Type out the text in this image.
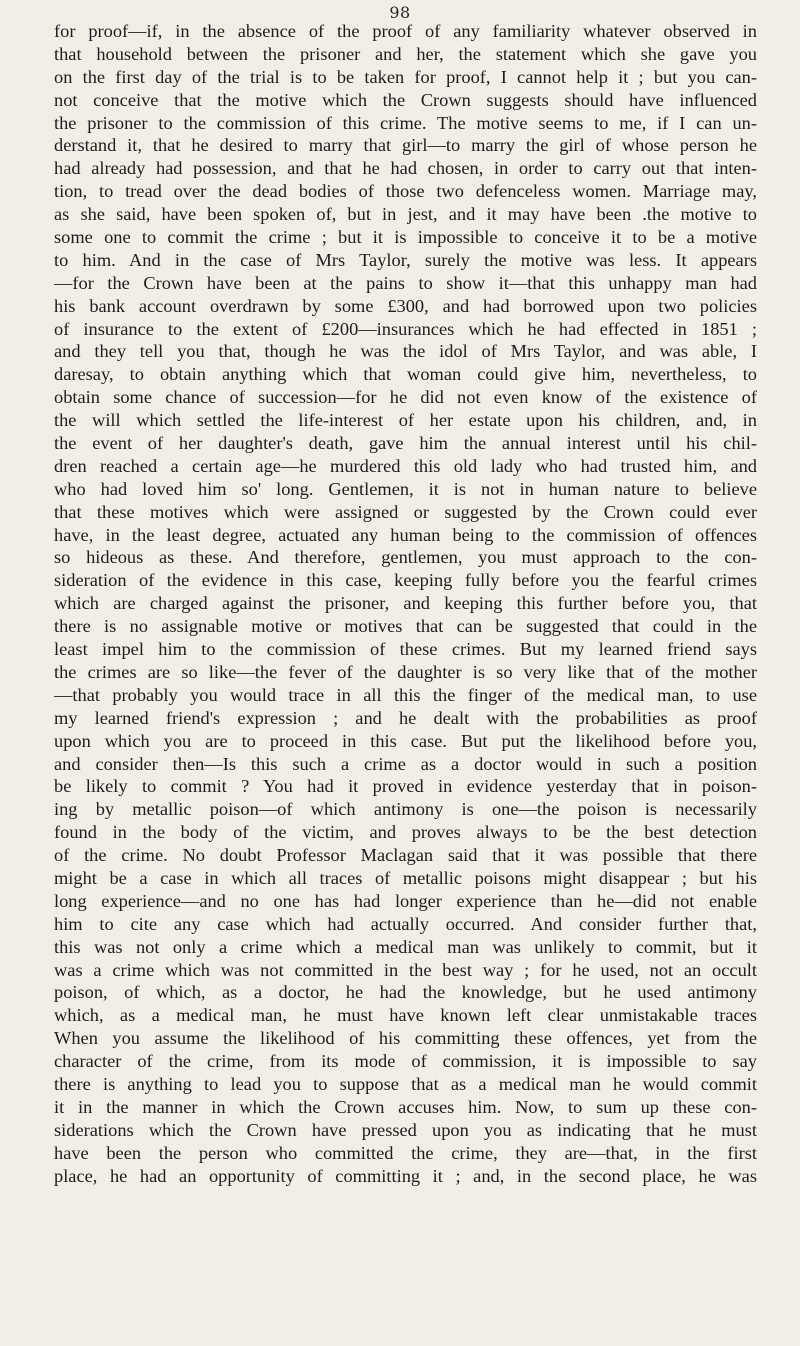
98
for proof—if, in the absence of the proof of any familiarity whatever observed in
that household between the prisoner and her, the statement which she gave you
on the first day of the trial is to be taken for proof, I cannot help it ; but you can-
not conceive that the motive which the Crown suggests should have influenced
the prisoner to the commission of this crime. The motive seems to me, if I can un-
derstand it, that he desired to marry that girl—to marry the girl of whose person he
had already had possession, and that he had chosen, in order to carry out that inten-
tion, to tread over the dead bodies of those two defenceless women. Marriage may,
as she said, have been spoken of, but in jest, and it may have been .the motive to
some one to commit the crime ; but it is impossible to conceive it to be a motive
to him. And in the case of Mrs Taylor, surely the motive was less. It appears
—for the Crown have been at the pains to show it—that this unhappy man had
his bank account overdrawn by some £300, and had borrowed upon two policies
of insurance to the extent of £200—insurances which he had effected in 1851 ;
and they tell you that, though he was the idol of Mrs Taylor, and was able, I
daresay, to obtain anything which that woman could give him, nevertheless, to
obtain some chance of succession—for he did not even know of the existence of
the will which settled the life-interest of her estate upon his children, and, in
the event of her daughter's death, gave him the annual interest until his chil-
dren reached a certain age—he murdered this old lady who had trusted him, and
who had loved him so' long. Gentlemen, it is not in human nature to believe
that these motives which were assigned or suggested by the Crown could ever
have, in the least degree, actuated any human being to the commission of offences
so hideous as these. And therefore, gentlemen, you must approach to the con-
sideration of the evidence in this case, keeping fully before you the fearful crimes
which are charged against the prisoner, and keeping this further before you, that
there is no assignable motive or motives that can be suggested that could in the
least impel him to the commission of these crimes. But my learned friend says
the crimes are so like—the fever of the daughter is so very like that of the mother
—that probably you would trace in all this the finger of the medical man, to use
my learned friend's expression ; and he dealt with the probabilities as proof
upon which you are to proceed in this case. But put the likelihood before you,
and consider then—Is this such a crime as a doctor would in such a position
be likely to commit ? You had it proved in evidence yesterday that in poison-
ing by metallic poison—of which antimony is one—the poison is necessarily
found in the body of the victim, and proves always to be the best detection
of the crime. No doubt Professor Maclagan said that it was possible that there
might be a case in which all traces of metallic poisons might disappear ; but his
long experience—and no one has had longer experience than he—did not enable
him to cite any case which had actually occurred. And consider further that,
this was not only a crime which a medical man was unlikely to commit, but it
was a crime which was not committed in the best way ; for he used, not an occult
poison, of which, as a doctor, he had the knowledge, but he used antimony
which, as a medical man, he must have known left clear unmistakable traces
When you assume the likelihood of his committing these offences, yet from the
character of the crime, from its mode of commission, it is impossible to say
there is anything to lead you to suppose that as a medical man he would commit
it in the manner in which the Crown accuses him. Now, to sum up these con-
siderations which the Crown have pressed upon you as indicating that he must
have been the person who committed the crime, they are—that, in the first
place, he had an opportunity of committing it ; and, in the second place, he was
